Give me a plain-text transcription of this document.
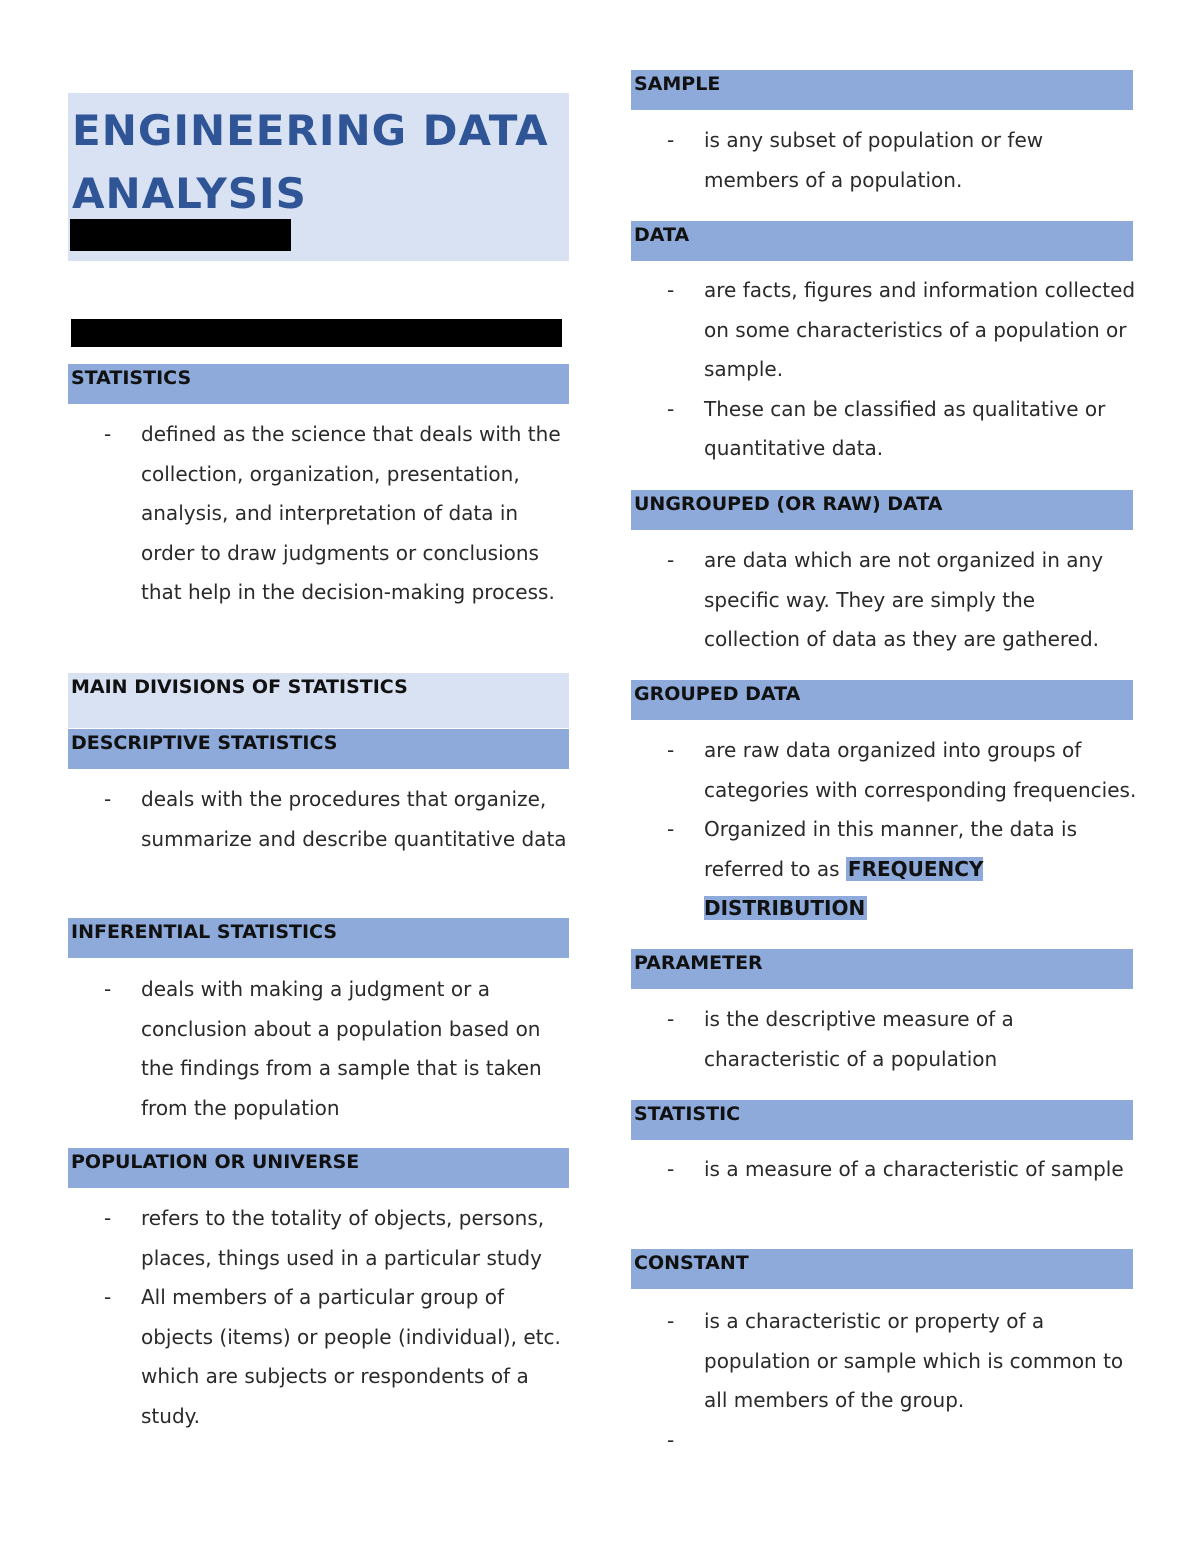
ENGINEERING DATA
ANALYSIS
STATISTICS
- defined as the science that deals with the collection, organization, presentation, analysis, and interpretation of data in order to draw judgments or conclusions that help in the decision-making process.
MAIN DIVISIONS OF STATISTICS
DESCRIPTIVE STATISTICS
- deals with the procedures that organize, summarize and describe quantitative data
INFERENTIAL STATISTICS
- deals with making a judgment or a conclusion about a population based on the findings from a sample that is taken from the population
POPULATION OR UNIVERSE
- refers to the totality of objects, persons, places, things used in a particular study
- All members of a particular group of objects (items) or people (individual), etc. which are subjects or respondents of a study.
SAMPLE
- is any subset of population or few members of a population.
DATA
- are facts, figures and information collected on some characteristics of a population or sample.
- These can be classified as qualitative or quantitative data.
UNGROUPED (OR RAW) DATA
- are data which are not organized in any specific way. They are simply the collection of data as they are gathered.
GROUPED DATA
- are raw data organized into groups of categories with corresponding frequencies.
- Organized in this manner, the data is referred to as FREQUENCY DISTRIBUTION
PARAMETER
- is the descriptive measure of a characteristic of a population
STATISTIC
- is a measure of a characteristic of sample
CONSTANT
- is a characteristic or property of a population or sample which is common to all members of the group.
-
